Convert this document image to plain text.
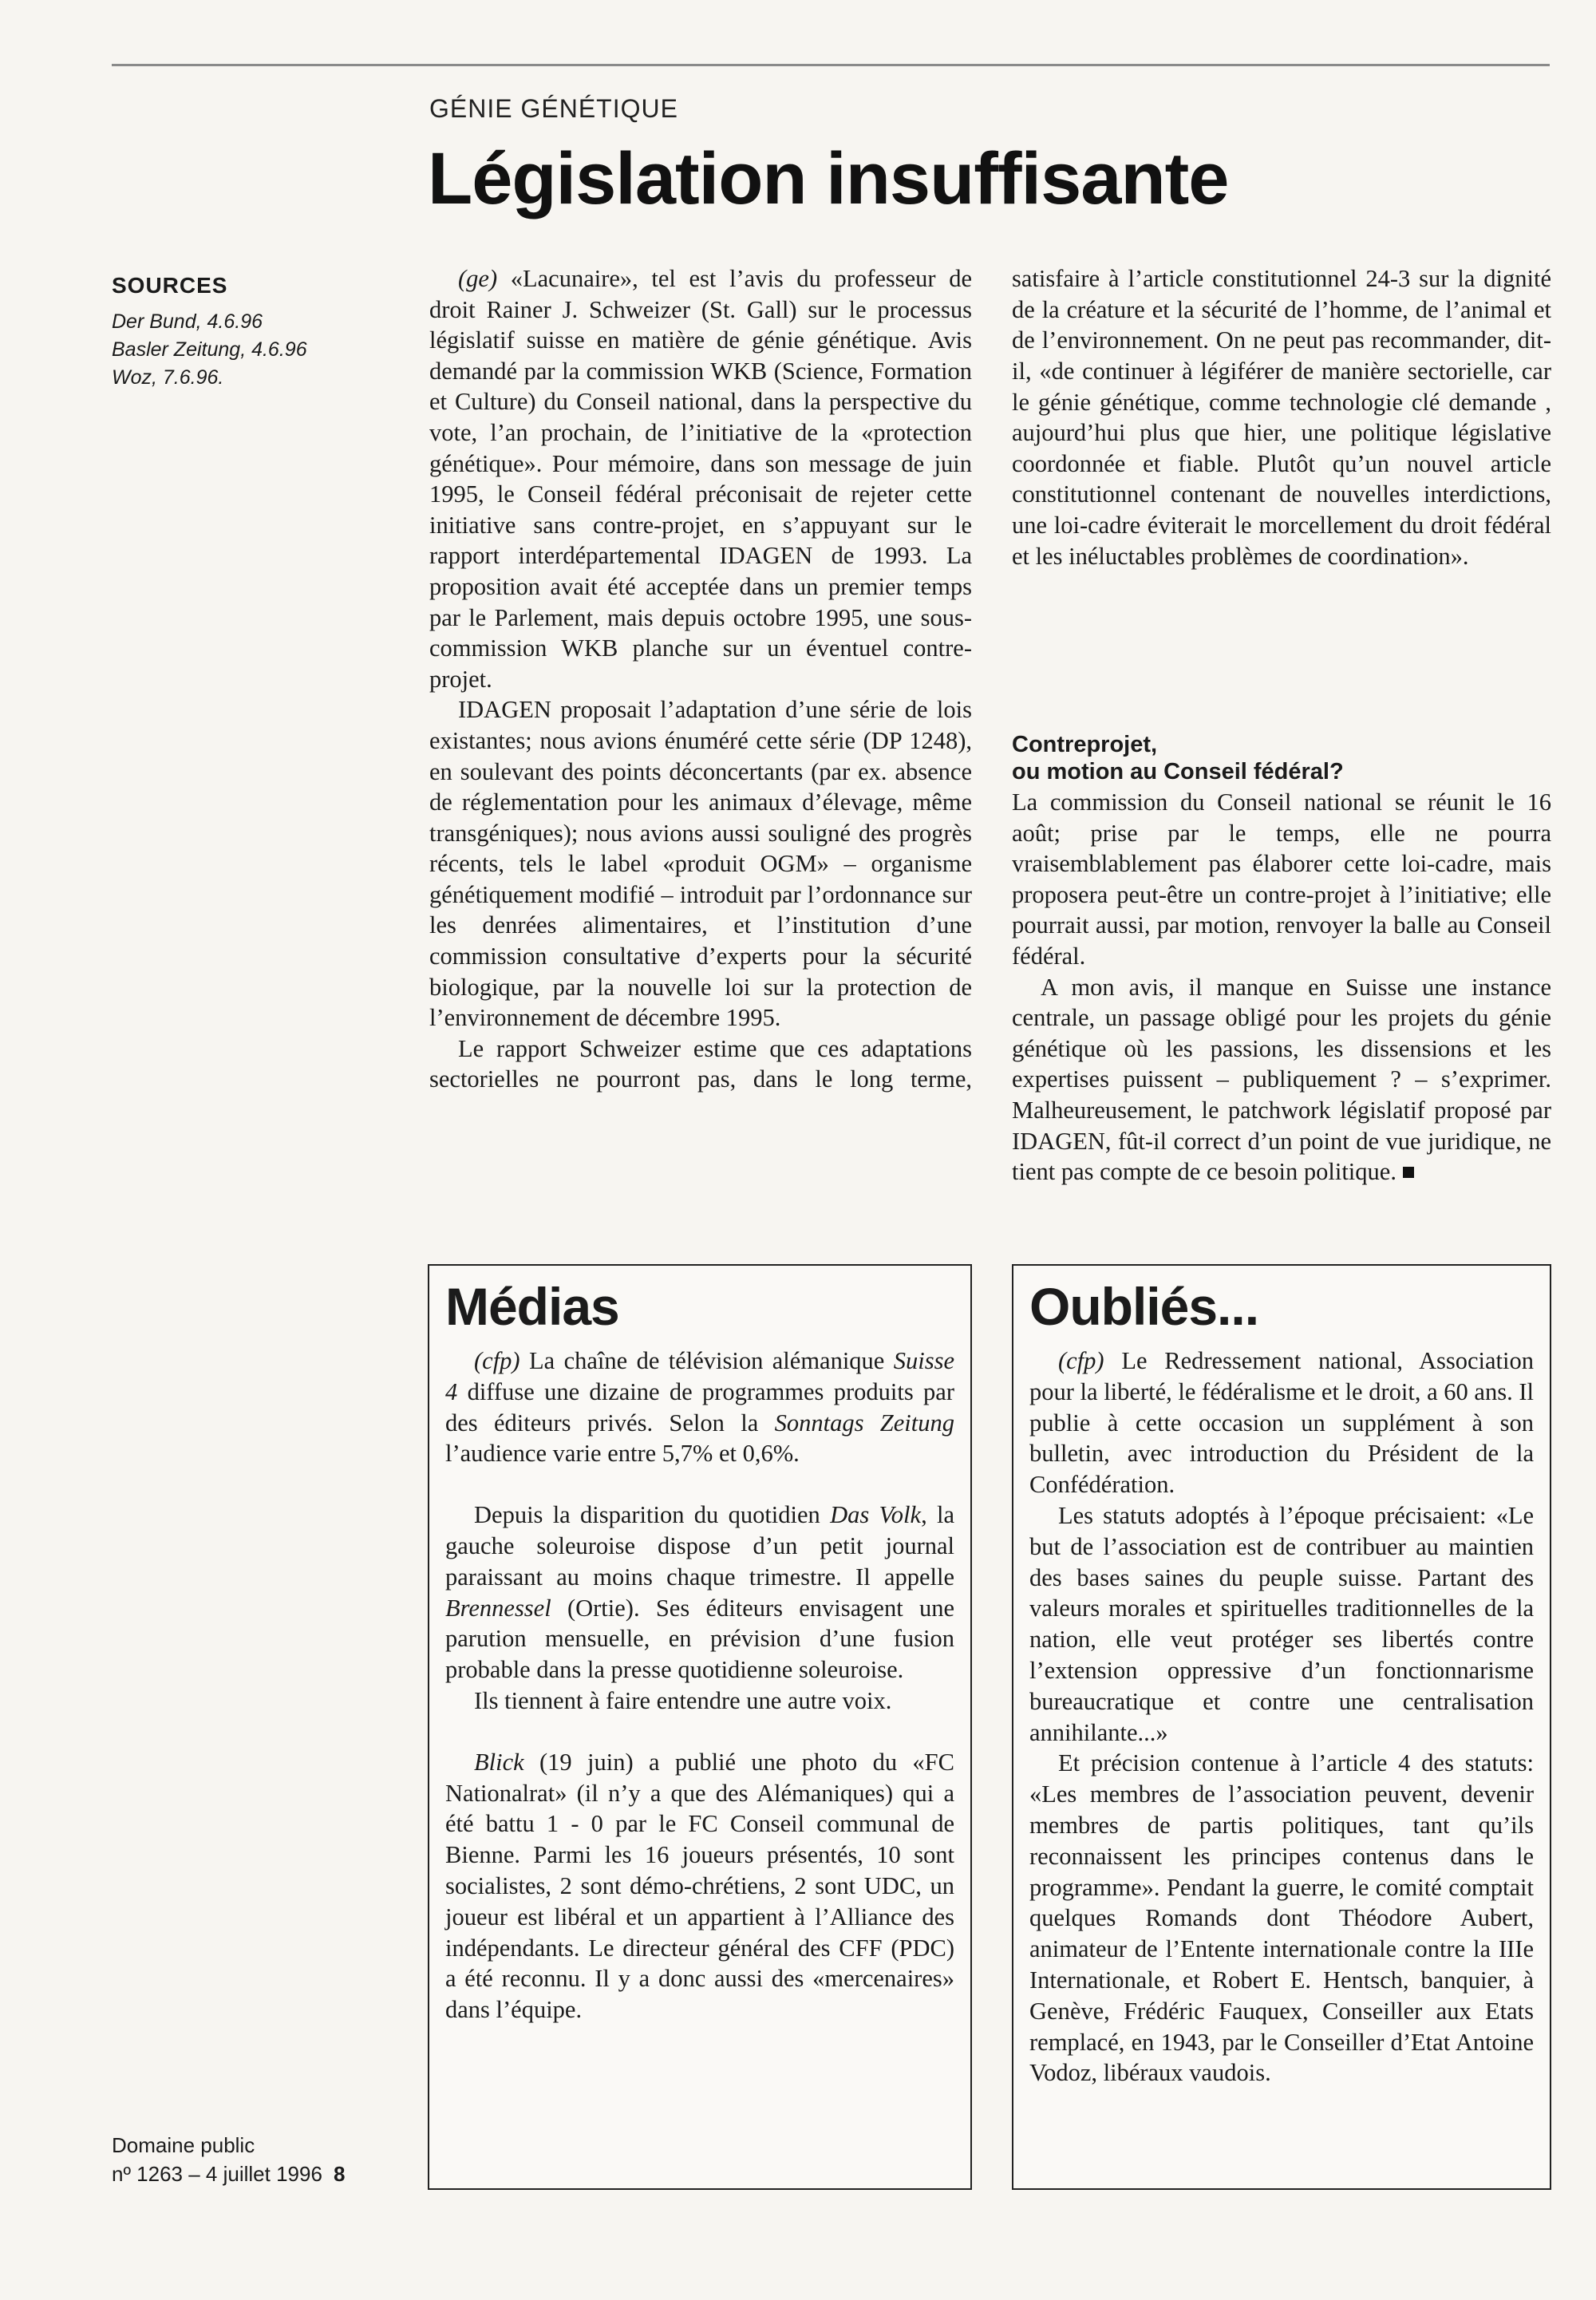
GÉNIE GÉNÉTIQUE
Législation insuffisante
SOURCES
Der Bund, 4.6.96
Basler Zeitung, 4.6.96
Woz, 7.6.96.

(ge) «Lacunaire», tel est l’avis du professeur de droit Rainer J. Schweizer (St. Gall) sur le processus législatif suisse en matière de génie génétique. Avis demandé par la commission WKB (Science, Formation et Culture) du Conseil national, dans la perspective du vote, l’an prochain, de l’initiative de la «protection génétique». Pour mémoire, dans son message de juin 1995, le Conseil fédéral préconisait de rejeter cette initiative sans contre-projet, en s’appuyant sur le rapport interdépartemental IDAGEN de 1993. La proposition avait été acceptée dans un premier temps par le Parlement, mais depuis octobre 1995, une sous-commission WKB planche sur un éventuel contre-projet.

IDAGEN proposait l’adaptation d’une série de lois existantes; nous avions énuméré cette série (DP 1248), en soulevant des points déconcertants (par ex. absence de réglementation pour les animaux d’élevage, même transgéniques); nous avions aussi souligné des progrès récents, tels le label «produit OGM» – organisme génétiquement modifié – introduit par l’ordonnance sur les denrées alimentaires, et l’institution d’une commission consultative d’experts pour la sécurité biologique, par la nouvelle loi sur la protection de l’environnement de décembre 1995.

Le rapport Schweizer estime que ces adaptations sectorielles ne pourront pas, dans le long terme,

satisfaire à l’article constitutionnel 24-3 sur la dignité de la créature et la sécurité de l’homme, de l’animal et de l’environnement. On ne peut pas recommander, dit-il, «de continuer à légiférer de manière sectorielle, car le génie génétique, comme technologie clé demande , aujourd’hui plus que hier, une politique législative coordonnée et fiable. Plutôt qu’un nouvel article constitutionnel contenant de nouvelles interdictions, une loi-cadre éviterait le morcellement du droit fédéral et les inéluctables problèmes de coordination».

Contreprojet,
ou motion au Conseil fédéral?

La commission du Conseil national se réunit le 16 août; prise par le temps, elle ne pourra vraisemblablement pas élaborer cette loi-cadre, mais proposera peut-être un contre-projet à l’initiative; elle pourrait aussi, par motion, renvoyer la balle au Conseil fédéral.

A mon avis, il manque en Suisse une instance centrale, un passage obligé pour les projets du génie génétique où les passions, les dissensions et les expertises puissent – publiquement ? – s’exprimer. Malheureusement, le patchwork législatif proposé par IDAGEN, fût-il correct d’un point de vue juridique, ne tient pas compte de ce besoin politique.

Médias

(cfp) La chaîne de télévision alémanique Suisse 4 diffuse une dizaine de programmes produits par des éditeurs privés. Selon la Sonntags Zeitung l’audience varie entre 5,7% et 0,6%.

Depuis la disparition du quotidien Das Volk, la gauche soleuroise dispose d’un petit journal paraissant au moins chaque trimestre. Il appelle Brennessel (Ortie). Ses éditeurs envisagent une parution mensuelle, en prévision d’une fusion probable dans la presse quotidienne soleuroise.

Ils tiennent à faire entendre une autre voix.

Blick (19 juin) a publié une photo du «FC Nationalrat» (il n’y a que des Alémaniques) qui a été battu 1 - 0 par le FC Conseil communal de Bienne. Parmi les 16 joueurs présentés, 10 sont socialistes, 2 sont démo-chrétiens, 2 sont UDC, un joueur est libéral et un appartient à l’Alliance des indépendants. Le directeur général des CFF (PDC) a été reconnu. Il y a donc aussi des «mercenaires» dans l’équipe.

Oubliés...

(cfp) Le Redressement national, Association pour la liberté, le fédéralisme et le droit, a 60 ans. Il publie à cette occasion un supplément à son bulletin, avec introduction du Président de la Confédération.

Les statuts adoptés à l’époque précisaient: «Le but de l’association est de contribuer au maintien des bases saines du peuple suisse. Partant des valeurs morales et spirituelles traditionnelles de la nation, elle veut protéger ses libertés contre l’extension oppressive d’un fonctionnarisme bureaucratique et contre une centralisation annihilante...»

Et précision contenue à l’article 4 des statuts: «Les membres de l’association peuvent, devenir membres de partis politiques, tant qu’ils reconnaissent les principes contenus dans le programme». Pendant la guerre, le comité comptait quelques Romands dont Théodore Aubert, animateur de l’Entente internationale contre la IIIe Internationale, et Robert E. Hentsch, banquier, à Genève, Frédéric Fauquex, Conseiller aux Etats remplacé, en 1943, par le Conseiller d’Etat Antoine Vodoz, libéraux vaudois.

Domaine public
nº 1263 – 4 juillet 1996 8
